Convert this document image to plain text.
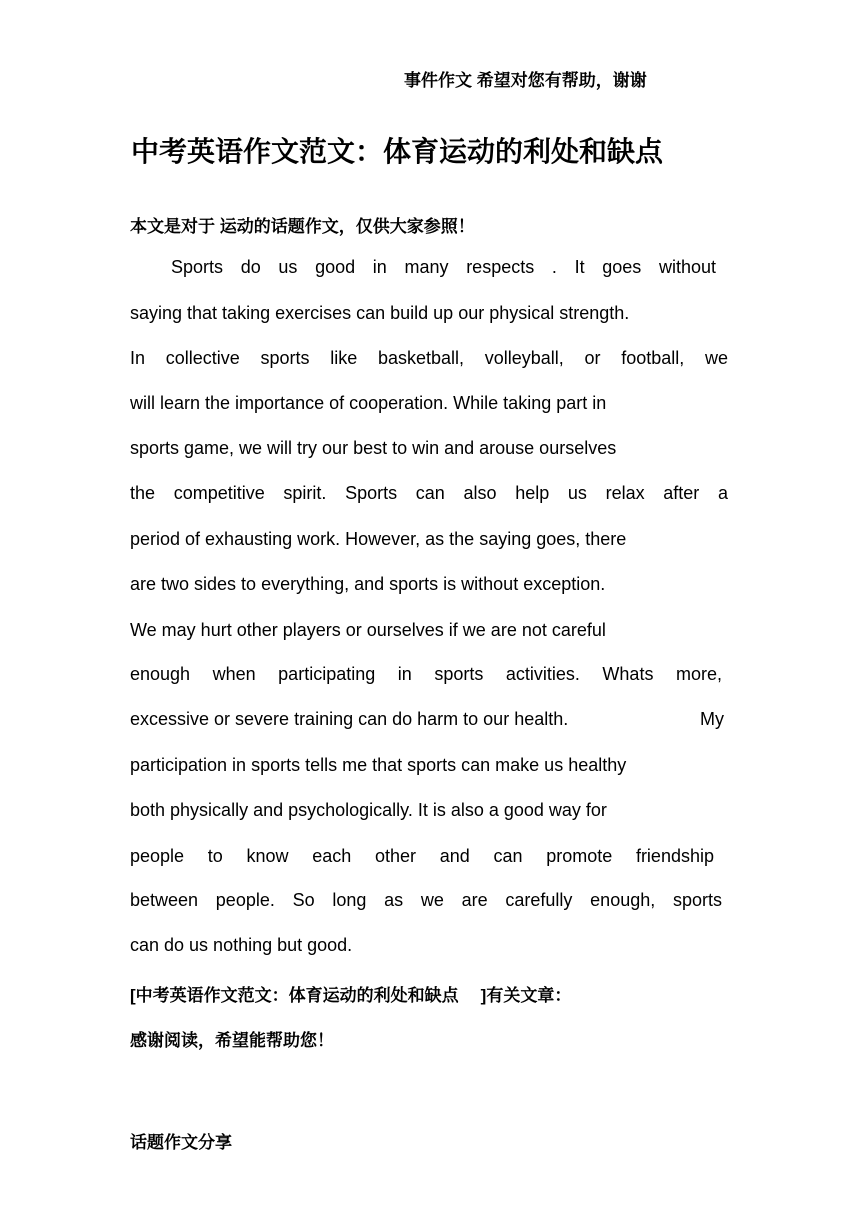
事件作文 希望对您有帮助，谢谢
中考英语作文范文：体育运动的利处和缺点
本文是对于 运动的话题作文，仅供大家参照！
Sports do us good in many respects . It goes without
saying that taking exercises can build up our physical strength.
In collective sports like basketball, volleyball, or football, we
will learn the importance of cooperation. While taking part in
sports game, we will try our best to win and arouse ourselves
the competitive spirit. Sports can also help us relax after a
period of exhausting work. However, as the saying goes, there
are two sides to everything, and sports is without exception.
We may hurt other players or ourselves if we are not careful
enough when participating in sports activities. Whats more,
excessive or severe training can do harm to our health.	My
participation in sports tells me that sports can make us healthy
both physically and psychologically. It is also a good way for
people to know each other and can promote friendship
between people. So long as we are carefully enough, sports
can do us nothing but good.
[中考英语作文范文：体育运动的利处和缺点 ]有关文章：
感谢阅读，希望能帮助您！
话题作文分享
